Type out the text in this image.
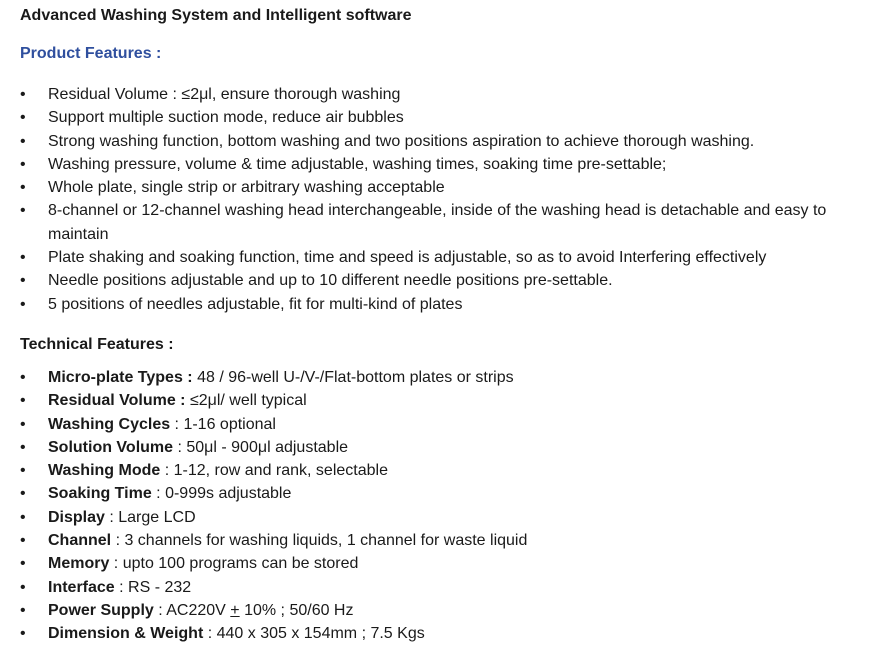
Advanced Washing System and Intelligent software
Product Features :
•	Residual Volume : ≤2μl, ensure thorough washing
•	Support multiple suction mode, reduce air bubbles
•	Strong washing function, bottom washing and two positions aspiration to achieve thorough washing.
•	Washing pressure, volume & time adjustable, washing times, soaking time pre-settable;
•	Whole plate, single strip or arbitrary washing acceptable
•	8-channel or 12-channel washing head interchangeable, inside of the washing head is detachable and easy to maintain
•	Plate shaking and soaking function, time and speed is adjustable, so as to avoid Interfering effectively
•	Needle positions adjustable and up to 10 different needle positions pre-settable.
•	5 positions of needles adjustable, fit for multi-kind of plates
Technical Features :
•	Micro-plate Types : 48 / 96-well U-/V-/Flat-bottom plates or strips
•	Residual Volume : ≤2μl/ well typical
•	Washing Cycles : 1-16 optional
•	Solution Volume : 50μl - 900μl adjustable
•	Washing Mode : 1-12, row and rank, selectable
•	Soaking Time : 0-999s adjustable
•	Display : Large LCD
•	Channel : 3 channels for washing liquids, 1 channel for waste liquid
•	Memory : upto 100 programs can be stored
•	Interface : RS - 232
•	Power Supply : AC220V + 10% ; 50/60 Hz
•	Dimension & Weight : 440 x 305 x 154mm ; 7.5 Kgs
